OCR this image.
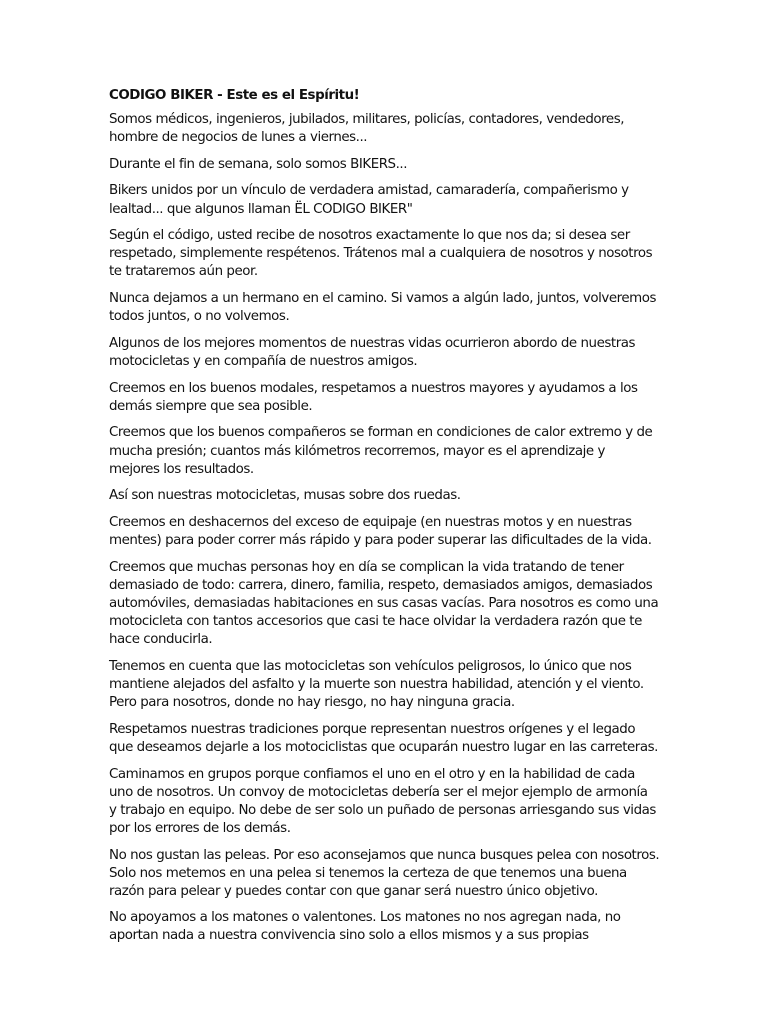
CODIGO BIKER - Este es el Espíritu!

Somos médicos, ingenieros, jubilados, militares, policías, contadores, vendedores,
hombre de negocios de lunes a viernes...

Durante el fin de semana, solo somos BIKERS...

Bikers unidos por un vínculo de verdadera amistad, camaradería, compañerismo y
lealtad... que algunos llaman ËL CODIGO BIKER"

Según el código, usted recibe de nosotros exactamente lo que nos da; si desea ser
respetado, simplemente respétenos. Trátenos mal a cualquiera de nosotros y nosotros
te trataremos aún peor.

Nunca dejamos a un hermano en el camino. Si vamos a algún lado, juntos, volveremos
todos juntos, o no volvemos.

Algunos de los mejores momentos de nuestras vidas ocurrieron abordo de nuestras
motocicletas y en compañía de nuestros amigos.

Creemos en los buenos modales, respetamos a nuestros mayores y ayudamos a los
demás siempre que sea posible.

Creemos que los buenos compañeros se forman en condiciones de calor extremo y de
mucha presión; cuantos más kilómetros recorremos, mayor es el aprendizaje y
mejores los resultados.

Así son nuestras motocicletas, musas sobre dos ruedas.

Creemos en deshacernos del exceso de equipaje (en nuestras motos y en nuestras
mentes) para poder correr más rápido y para poder superar las dificultades de la vida.

Creemos que muchas personas hoy en día se complican la vida tratando de tener
demasiado de todo: carrera, dinero, familia, respeto, demasiados amigos, demasiados
automóviles, demasiadas habitaciones en sus casas vacías. Para nosotros es como una
motocicleta con tantos accesorios que casi te hace olvidar la verdadera razón que te
hace conducirla.

Tenemos en cuenta que las motocicletas son vehículos peligrosos, lo único que nos
mantiene alejados del asfalto y la muerte son nuestra habilidad, atención y el viento.
Pero para nosotros, donde no hay riesgo, no hay ninguna gracia.

Respetamos nuestras tradiciones porque representan nuestros orígenes y el legado
que deseamos dejarle a los motociclistas que ocuparán nuestro lugar en las carreteras.

Caminamos en grupos porque confiamos el uno en el otro y en la habilidad de cada
uno de nosotros. Un convoy de motocicletas debería ser el mejor ejemplo de armonía
y trabajo en equipo. No debe de ser solo un puñado de personas arriesgando sus vidas
por los errores de los demás.

No nos gustan las peleas. Por eso aconsejamos que nunca busques pelea con nosotros.
Solo nos metemos en una pelea si tenemos la certeza de que tenemos una buena
razón para pelear y puedes contar con que ganar será nuestro único objetivo.

No apoyamos a los matones o valentones. Los matones no nos agregan nada, no
aportan nada a nuestra convivencia sino solo a ellos mismos y a sus propias
